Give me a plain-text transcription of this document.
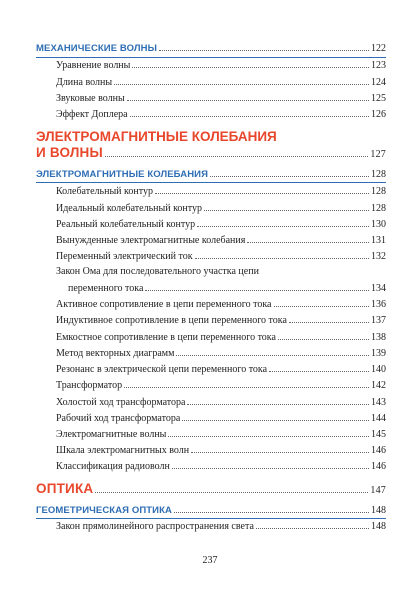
МЕХАНИЧЕСКИЕ ВОЛНЫ	122
Уравнение волны	123
Длина волны	124
Звуковые волны	125
Эффект Доплера	126
ЭЛЕКТРОМАГНИТНЫЕ КОЛЕБАНИЯ
И ВОЛНЫ	127
ЭЛЕКТРОМАГНИТНЫЕ КОЛЕБАНИЯ	128
Колебательный контур	128
Идеальный колебательный контур	128
Реальный колебательный контур	130
Вынужденные электромагнитные колебания	131
Переменный электрический ток	132
Закон Ома для последовательного участка цепи
переменного тока	134
Активное сопротивление в цепи переменного тока	136
Индуктивное сопротивление в цепи переменного тока	137
Емкостное сопротивление в цепи переменного тока	138
Метод векторных диаграмм	139
Резонанс в электрической цепи переменного тока	140
Трансформатор	142
Холостой ход трансформатора	143
Рабочий ход трансформатора	144
Электромагнитные волны	145
Шкала электромагнитных волн	146
Классификация радиоволн	146
ОПТИКА	147
ГЕОМЕТРИЧЕСКАЯ ОПТИКА	148
Закон прямолинейного распространения света	148
237
